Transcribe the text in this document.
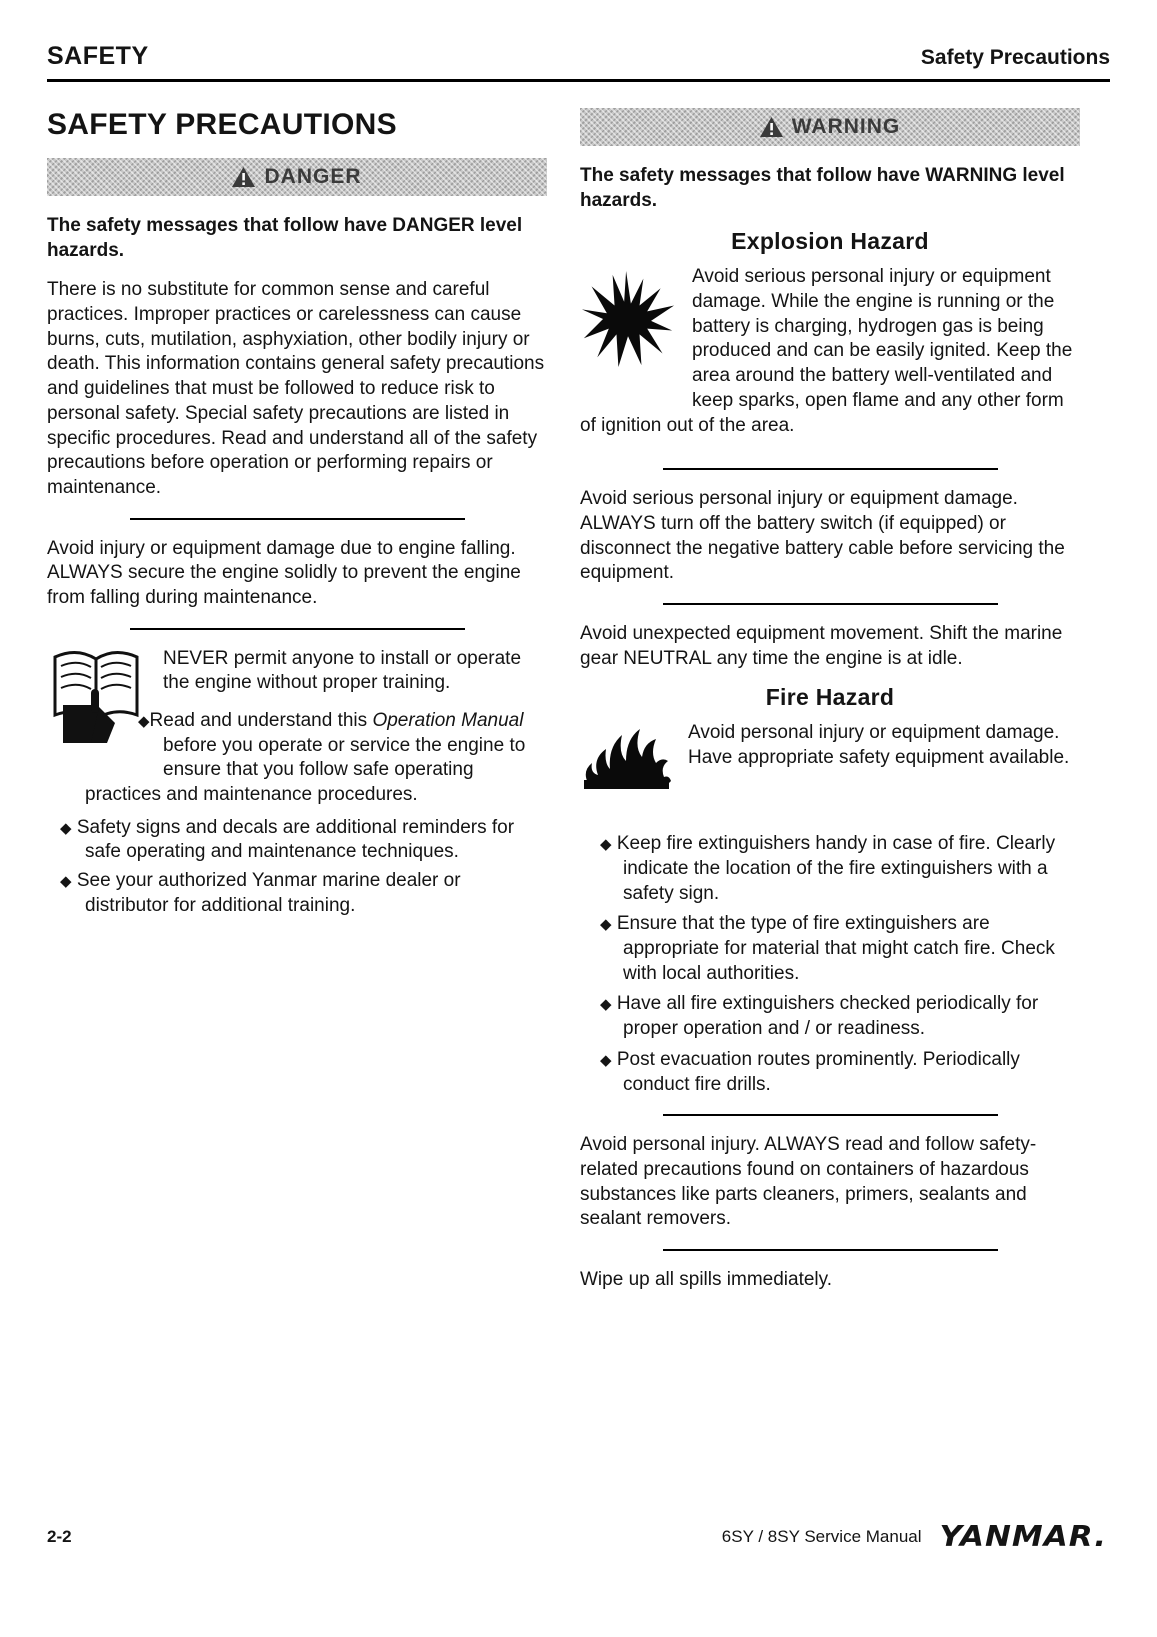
SAFETY	Safety Precautions
SAFETY PRECAUTIONS
DANGER

The safety messages that follow have DANGER level hazards.

There is no substitute for common sense and careful practices. Improper practices or carelessness can cause burns, cuts, mutilation, asphyxiation, other bodily injury or death. This information contains general safety precautions and guidelines that must be followed to reduce risk to personal safety. Special safety precautions are listed in specific procedures. Read and understand all of the safety precautions before operation or performing repairs or maintenance.

Avoid injury or equipment damage due to engine falling. ALWAYS secure the engine solidly to prevent the engine from falling during maintenance.

NEVER permit anyone to install or operate the engine without proper training.

◆Read and understand this Operation Manual before you operate or service the engine to ensure that you follow safe operating practices and maintenance procedures.

◆ Safety signs and decals are additional reminders for safe operating and maintenance techniques.
◆ See your authorized Yanmar marine dealer or distributor for additional training.
WARNING

The safety messages that follow have WARNING level hazards.

Explosion Hazard

Avoid serious personal injury or equipment damage. While the engine is running or the battery is charging, hydrogen gas is being produced and can be easily ignited. Keep the area around the battery well-ventilated and keep sparks, open flame and any other form of ignition out of the area.

Avoid serious personal injury or equipment damage. ALWAYS turn off the battery switch (if equipped) or disconnect the negative battery cable before servicing the equipment.

Avoid unexpected equipment movement. Shift the marine gear NEUTRAL any time the engine is at idle.

Fire Hazard

Avoid personal injury or equipment damage. Have appropriate safety equipment available.

◆ Keep fire extinguishers handy in case of fire. Clearly indicate the location of the fire extinguishers with a safety sign.
◆ Ensure that the type of fire extinguishers are appropriate for material that might catch fire. Check with local authorities.
◆ Have all fire extinguishers checked periodically for proper operation and / or readiness.
◆ Post evacuation routes prominently. Periodically conduct fire drills.

Avoid personal injury. ALWAYS read and follow safety-related precautions found on containers of hazardous substances like parts cleaners, primers, sealants and sealant removers.

Wipe up all spills immediately.

2-2	6SY / 8SY Service Manual YANMAR.
